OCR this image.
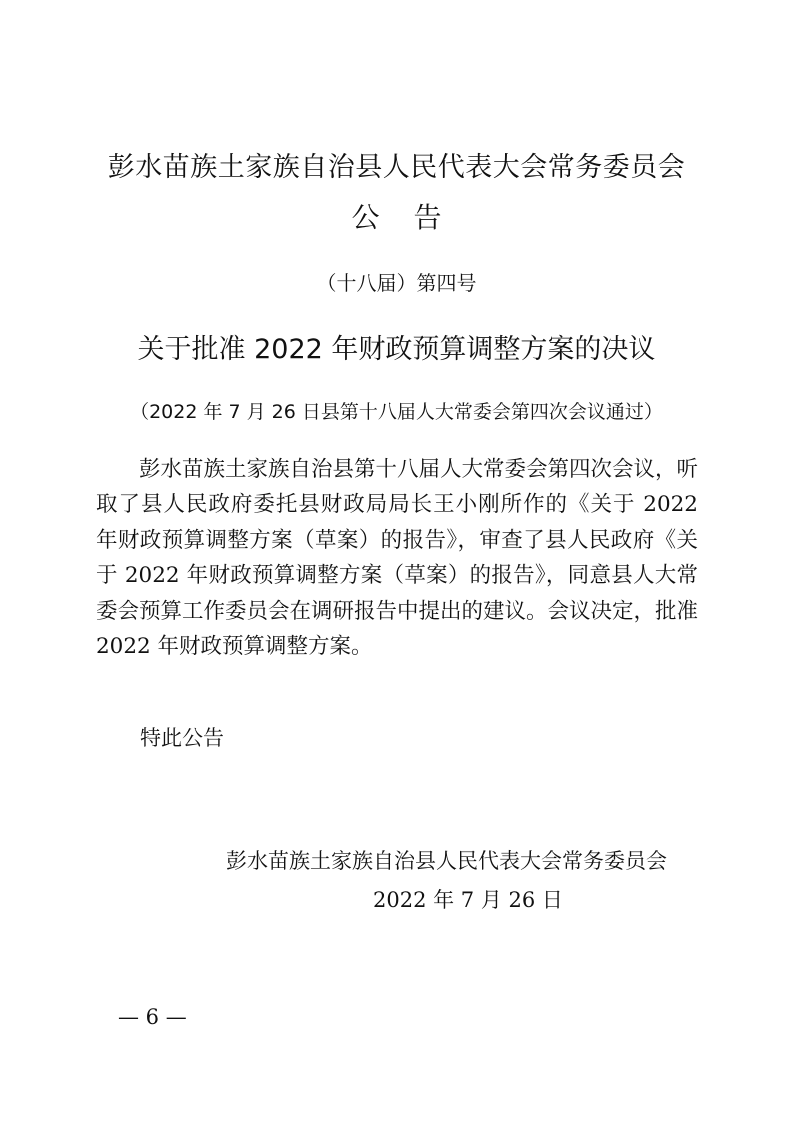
彭水苗族土家族自治县人民代表大会常务委员会
公告
（十八届）第四号
关于批准 2022 年财政预算调整方案的决议
（2022 年 7 月 26 日县第十八届人大常委会第四次会议通过）

彭水苗族土家族自治县第十八届人大常委会第四次会议，听取了县人民政府委托县财政局局长王小刚所作的《关于 2022 年财政预算调整方案（草案）的报告》，审查了县人民政府《关于 2022 年财政预算调整方案（草案）的报告》，同意县人大常委会预算工作委员会在调研报告中提出的建议。会议决定，批准 2022 年财政预算调整方案。

特此公告
彭水苗族土家族自治县人民代表大会常务委员会
2022 年 7 月 26 日
— 6 —
